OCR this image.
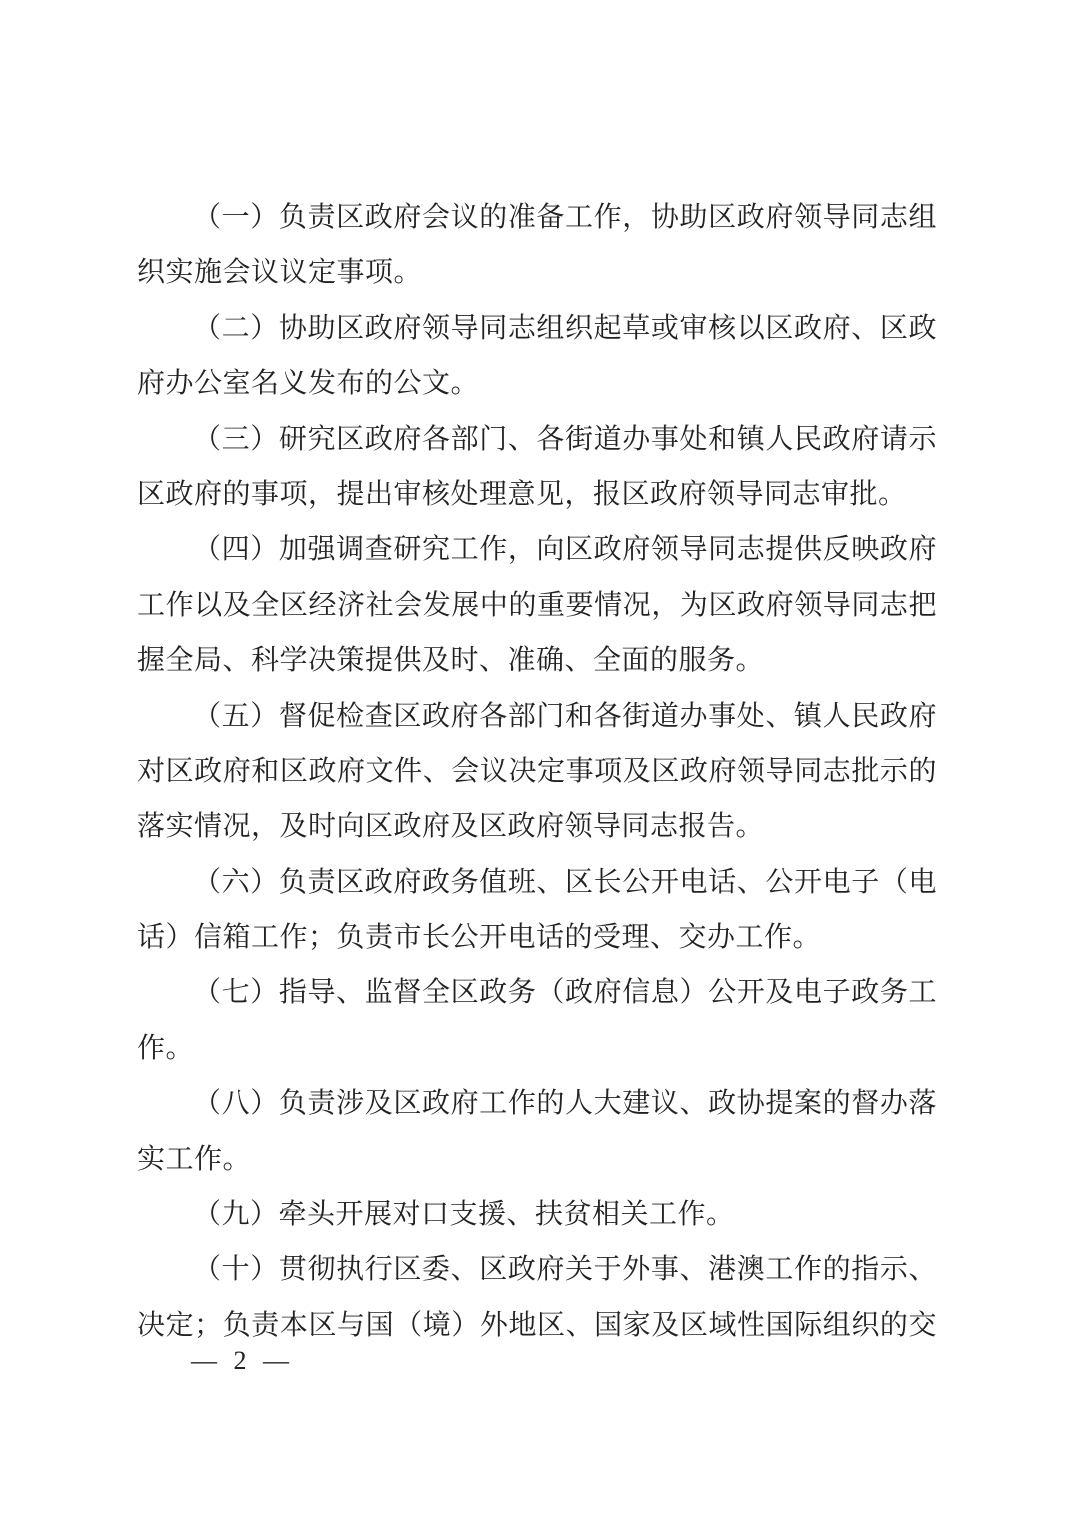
（一）负责区政府会议的准备工作，协助区政府领导同志组
织实施会议议定事项。
（二）协助区政府领导同志组织起草或审核以区政府、区政
府办公室名义发布的公文。
（三）研究区政府各部门、各街道办事处和镇人民政府请示
区政府的事项，提出审核处理意见，报区政府领导同志审批。
（四）加强调查研究工作，向区政府领导同志提供反映政府
工作以及全区经济社会发展中的重要情况，为区政府领导同志把
握全局、科学决策提供及时、准确、全面的服务。
（五）督促检查区政府各部门和各街道办事处、镇人民政府
对区政府和区政府文件、会议决定事项及区政府领导同志批示的
落实情况，及时向区政府及区政府领导同志报告。
（六）负责区政府政务值班、区长公开电话、公开电子（电
话）信箱工作；负责市长公开电话的受理、交办工作。
（七）指导、监督全区政务（政府信息）公开及电子政务工
作。
（八）负责涉及区政府工作的人大建议、政协提案的督办落
实工作。
（九）牵头开展对口支援、扶贫相关工作。
（十）贯彻执行区委、区政府关于外事、港澳工作的指示、
决定；负责本区与国（境）外地区、国家及区域性国际组织的交
— 2 —
